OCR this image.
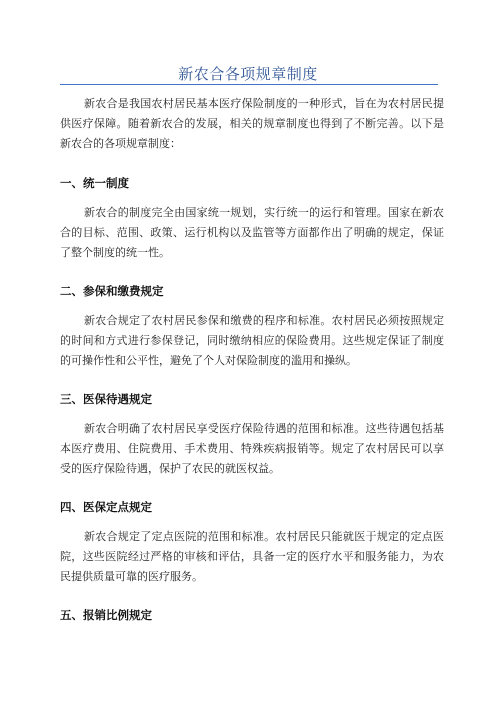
新农合各项规章制度

新农合是我国农村居民基本医疗保险制度的一种形式，旨在为农村居民提供医疗保障。随着新农合的发展，相关的规章制度也得到了不断完善。以下是新农合的各项规章制度：

一、统一制度

新农合的制度完全由国家统一规划，实行统一的运行和管理。国家在新农合的目标、范围、政策、运行机构以及监管等方面都作出了明确的规定，保证了整个制度的统一性。

二、参保和缴费规定

新农合规定了农村居民参保和缴费的程序和标准。农村居民必须按照规定的时间和方式进行参保登记，同时缴纳相应的保险费用。这些规定保证了制度的可操作性和公平性，避免了个人对保险制度的滥用和操纵。

三、医保待遇规定

新农合明确了农村居民享受医疗保险待遇的范围和标准。这些待遇包括基本医疗费用、住院费用、手术费用、特殊疾病报销等。规定了农村居民可以享受的医疗保险待遇，保护了农民的就医权益。

四、医保定点规定

新农合规定了定点医院的范围和标准。农村居民只能就医于规定的定点医院，这些医院经过严格的审核和评估，具备一定的医疗水平和服务能力，为农民提供质量可靠的医疗服务。

五、报销比例规定
